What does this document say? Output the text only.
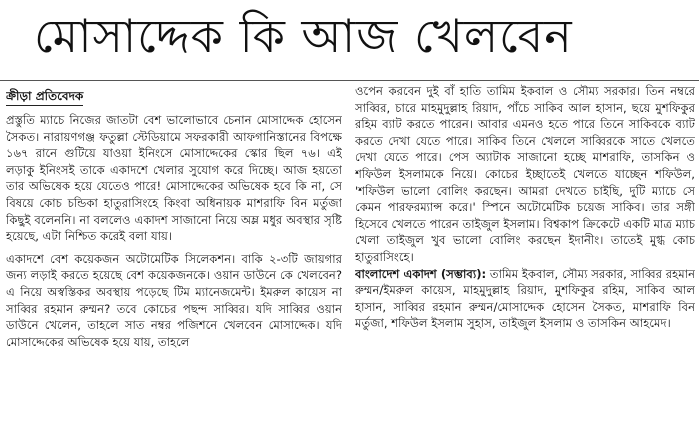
মোসাদ্দেক কি আজ খেলবেন
ক্রীড়া প্রতিবেদক

প্রস্তুতি ম্যাচে নিজের জাতটা বেশ ভালোভাবে চেনান মোসাদ্দেক হোসেন সৈকত। নারায়ণগঞ্জ ফতুল্লা স্টেডিয়ামে সফরকারী আফগানিস্তানের বিপক্ষে ১৬৭ রানে গুটিয়ে যাওয়া ইনিংসে মোসাদ্দেকের স্কোর ছিল ৭৬। এই লড়াকু ইনিংসই তাকে একাদশে খেলার সুযোগ করে দিচ্ছে। আজ হয়তো তার অভিষেক হয়ে যেতেও পারে! মোসাদ্দেকের অভিষেক হবে কি না, সে বিষয়ে কোচ চন্ডিকা হাতুরাসিংহে কিংবা অধিনায়ক মাশরাফি বিন মর্তুজা কিছুই বলেননি। না বললেও একাদশ সাজানো নিয়ে অম্ল মধুর অবস্থার সৃষ্টি হয়েছে, এটা নিশ্চিত করেই বলা যায়।

একাদশে বেশ কয়েকজন অটোমেটিক সিলেকশন। বাকি ২-৩টি জায়গার জন্য লড়াই করতে হয়েছে বেশ কয়েকজনকে। ওয়ান ডাউনে কে খেলবেন? এ নিয়ে অস্বস্তিকর অবস্থায় পড়েছে টিম ম্যানেজমেন্ট। ইমরুল কায়েস না সাব্বির রহমান রুম্মন? তবে কোচের পছন্দ সাব্বির। যদি সাব্বির ওয়ান ডাউনে খেলেন, তাহলে সাত নম্বর পজিশনে খেলবেন মোসাদ্দেক। যদি মোসাদ্দেকের অভিষেক হয়ে যায়, তাহলে

ওপেন করবেন দুই বাঁ হাতি তামিম ইকবাল ও সৌম্য সরকার। তিন নম্বরে সাব্বির, চারে মাহমুদুল্লাহ রিয়াদ, পাঁচে সাকিব আল হাসান, ছয়ে মুশফিকুর রহিম ব্যাট করতে পারেন। আবার এমনও হতে পারে তিনে সাকিবকে ব্যাট করতে দেখা যেতে পারে। সাকিব তিনে খেললে সাব্বিরকে সাতে খেলতে দেখা যেতে পারে। পেস অ্যাটাক সাজানো হচ্ছে মাশরাফি, তাসকিন ও শফিউল ইসলামকে নিয়ে। কোচের ইচ্ছাতেই খেলতে যাচ্ছেন শফিউল, 'শফিউল ভালো বোলিং করছেন। আমরা দেখতে চাইছি, দুটি ম্যাচে সে কেমন পারফরম্যান্স করে।' স্পিনে অটোমেটিক চয়েজ সাকিব। তার সঙ্গী হিসেবে খেলতে পারেন তাইজুল ইসলাম। বিশ্বকাপ ক্রিকেটে একটি মাত্র ম্যাচ খেলা তাইজুল খুব ভালো বোলিং করছেন ইদানীং। তাতেই মুগ্ধ কোচ হাতুরাসিংহে।

বাংলাদেশ একাদশ (সম্ভাব্য): তামিম ইকবাল, সৌম্য সরকার, সাব্বির রহমান রুম্মন/ইমরুল কায়েস, মাহমুদুল্লাহ রিয়াদ, মুশফিকুর রহিম, সাকিব আল হাসান, সাব্বির রহমান রুম্মন/মোসাদ্দেক হোসেন সৈকত, মাশরাফি বিন মর্তুজা, শফিউল ইসলাম সুহাস, তাইজুল ইসলাম ও তাসকিন আহমেদ।
